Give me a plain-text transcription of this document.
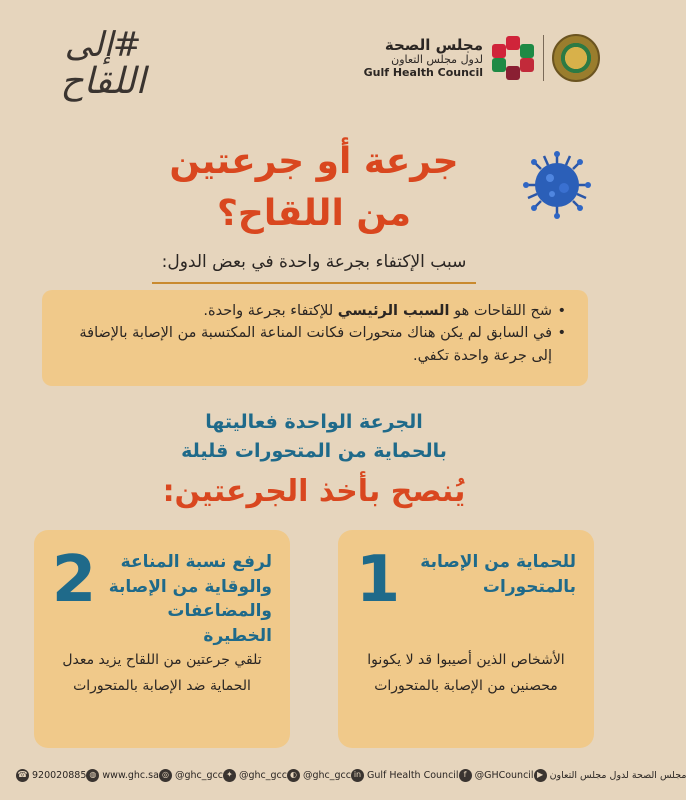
مجلس الصحة
لدول مجلس التعاون
Gulf Health Council
#إلى
اللقاح
جرعة أو جرعتين
من اللقاح؟
سبب الإكتفاء بجرعة واحدة في بعض الدول:
• شح اللقاحات هو السبب الرئيسي للإكتفاء بجرعة واحدة.
• في السابق لم يكن هناك متحورات فكانت المناعة المكتسبة من الإصابة بالإضافة إلى جرعة واحدة تكفي.
الجرعة الواحدة فعاليتها
بالحماية من المتحورات قليلة
يُنصح بأخذ الجرعتين:
1	للحماية من الإصابة بالمتحورات
الأشخاص الذين أصيبوا قد لا يكونوا محصنين من الإصابة بالمتحورات
2	لرفع نسبة المناعة والوقاية من الإصابة والمضاعفات الخطيرة
تلقي جرعتين من اللقاح يزيد معدل الحماية ضد الإصابة بالمتحورات
☎ 920020885 ◍ www.ghc.sa ◎ @ghc_gcc ✦ @ghc_gcc ◐ @ghc_gcc in Gulf Health Council f @GHCouncil ▶ مجلس الصحة لدول مجلس التعاون
